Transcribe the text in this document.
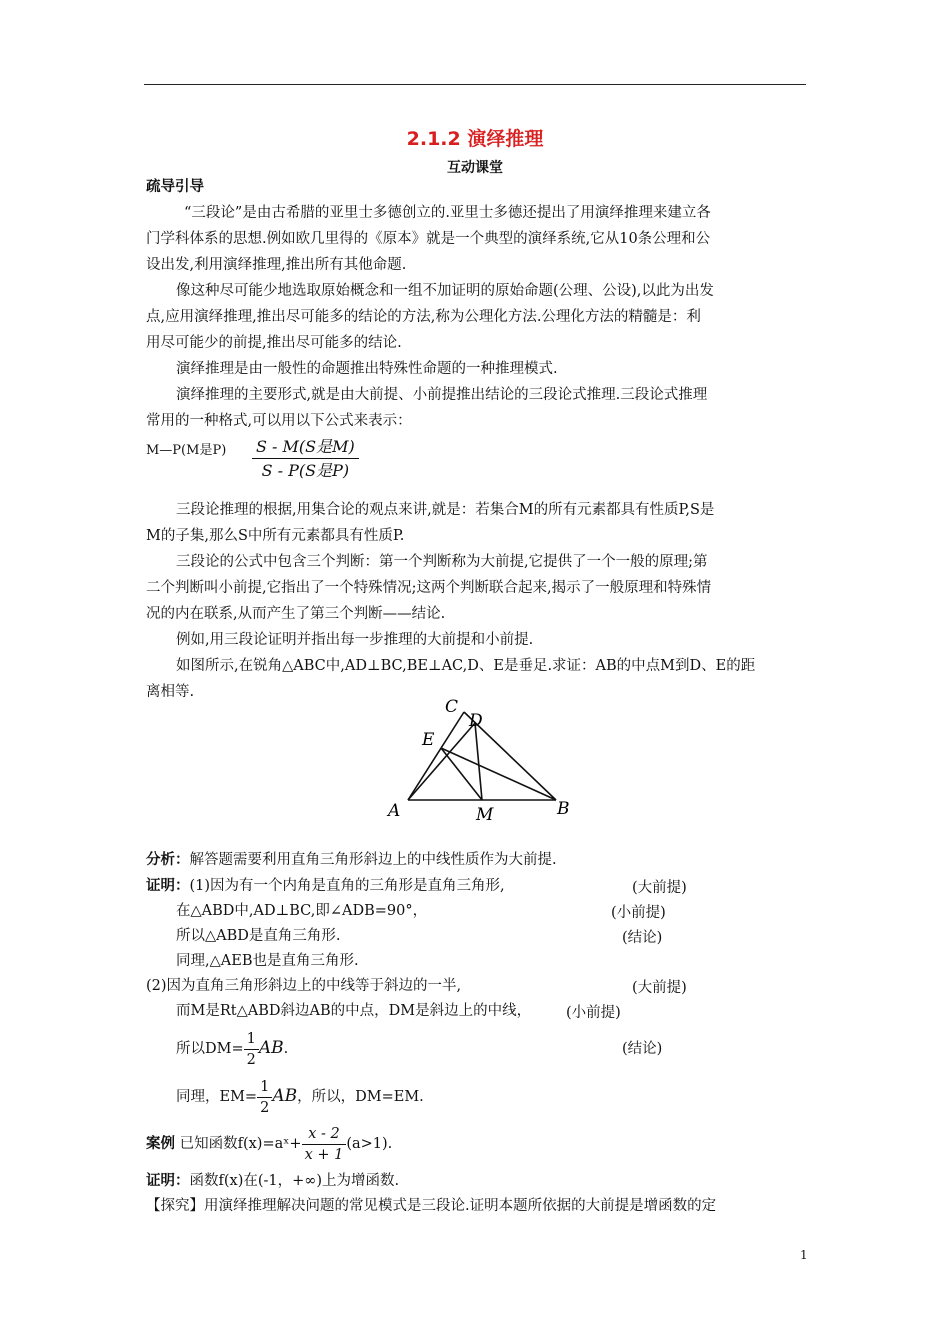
2.1.2 演绎推理
互动课堂
疏导引导
“三段论”是由古希腊的亚里士多德创立的.亚里士多德还提出了用演绎推理来建立各
门学科体系的思想.例如欧几里得的《原本》就是一个典型的演绎系统,它从10条公理和公
设出发,利用演绎推理,推出所有其他命题.
像这种尽可能少地选取原始概念和一组不加证明的原始命题(公理、公设),以此为出发
点,应用演绎推理,推出尽可能多的结论的方法,称为公理化方法.公理化方法的精髓是：利
用尽可能少的前提,推出尽可能多的结论.
演绎推理是由一般性的命题推出特殊性命题的一种推理模式.
演绎推理的主要形式,就是由大前提、小前提推出结论的三段论式推理.三段论式推理
常用的一种格式,可以用以下公式来表示：
M—P(M是P)	S - M(S是M)
S - P(S是P)
三段论推理的根据,用集合论的观点来讲,就是：若集合M的所有元素都具有性质P,S是
M的子集,那么S中所有元素都具有性质P.
三段论的公式中包含三个判断：第一个判断称为大前提,它提供了一个一般的原理;第
二个判断叫小前提,它指出了一个特殊情况;这两个判断联合起来,揭示了一般原理和特殊情
况的内在联系,从而产生了第三个判断——结论.
例如,用三段论证明并指出每一步推理的大前提和小前提.
如图所示,在锐角△ABC中,AD⊥BC,BE⊥AC,D、E是垂足.求证：AB的中点M到D、E的距
离相等.
A	B
C
D
E
M
分析：解答题需要利用直角三角形斜边上的中线性质作为大前提.
证明：(1)因为有一个内角是直角的三角形是直角三角形,	(大前提)
在△ABD中,AD⊥BC,即∠ADB=90°，	(小前提)
所以△ABD是直角三角形.	(结论)
同理,△AEB也是直角三角形.
(2)因为直角三角形斜边上的中线等于斜边的一半,	(大前提)
而M是Rt△ABD斜边AB的中点，DM是斜边上的中线，	(小前提)
所以$DM= \frac{1}{2}$ AB.	(结论)
同理，$EM= \frac{1}{2}$ AB，所以，DM=EM.
案例 已知函数f(x)=aˣ+ $\frac{x - 2}{x + 1} (a>1)$.
证明：函数f(x)在(-1，+∞)上为增函数.
【探究】用演绎推理解决问题的常见模式是三段论.证明本题所依据的大前提是增函数的定
1
